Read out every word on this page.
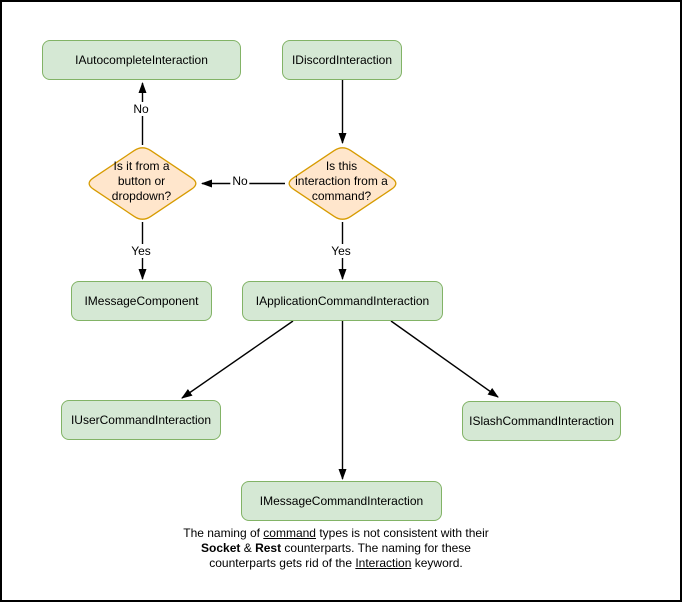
IAutocompleteInteraction	IDiscordInteraction
IMessageComponent	IApplicationCommandInteraction
IUserCommandInteraction	ISlashCommandInteraction
IMessageCommandInteraction
Is it from a
button or
dropdown?
Is this
interaction from a
command?
No
No
Yes	Yes
The naming of command types is not consistent with their
Socket & Rest counterparts. The naming for these
counterparts gets rid of the Interaction keyword.
